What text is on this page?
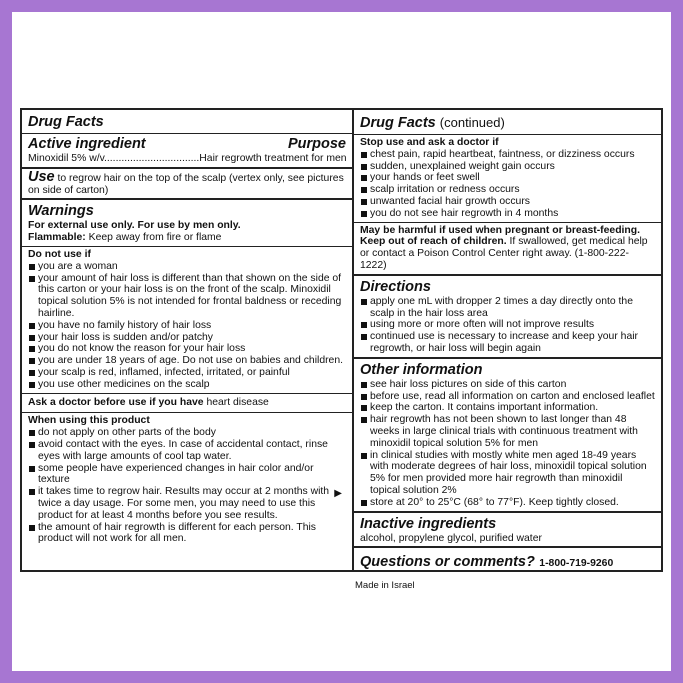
Drug Facts
Active ingredient	Purpose
Minoxidil 5% w/v.................................Hair regrowth treatment for men
Use to regrow hair on the top of the scalp (vertex only, see pictures on side of carton)
Warnings
For external use only. For use by men only.
Flammable: Keep away from fire or flame
Do not use if
you are a woman
your amount of hair loss is different than that shown on the side of this carton or your hair loss is on the front of the scalp. Minoxidil topical solution 5% is not intended for frontal baldness or receding hairline.
you have no family history of hair loss
your hair loss is sudden and/or patchy
you do not know the reason for your hair loss
you are under 18 years of age. Do not use on babies and children.
your scalp is red, inflamed, infected, irritated, or painful
you use other medicines on the scalp
Ask a doctor before use if you have heart disease
When using this product
do not apply on other parts of the body
avoid contact with the eyes. In case of accidental contact, rinse eyes with large amounts of cool tap water.
some people have experienced changes in hair color and/or texture
it takes time to regrow hair. Results may occur at 2 months with twice a day usage. For some men, you may need to use this product for at least 4 months before you see results.
the amount of hair regrowth is different for each person. This product will not work for all men.
▶
Drug Facts (continued)
Stop use and ask a doctor if
chest pain, rapid heartbeat, faintness, or dizziness occurs
sudden, unexplained weight gain occurs
your hands or feet swell
scalp irritation or redness occurs
unwanted facial hair growth occurs
you do not see hair regrowth in 4 months
May be harmful if used when pregnant or breast-feeding.
Keep out of reach of children. If swallowed, get medical help or contact a Poison Control Center right away. (1-800-222-1222)
Directions
apply one mL with dropper 2 times a day directly onto the scalp in the hair loss area
using more or more often will not improve results
continued use is necessary to increase and keep your hair regrowth, or hair loss will begin again
Other information
see hair loss pictures on side of this carton
before use, read all information on carton and enclosed leaflet
keep the carton. It contains important information.
hair regrowth has not been shown to last longer than 48 weeks in large clinical trials with continuous treatment with minoxidil topical solution 5% for men
in clinical studies with mostly white men aged 18-49 years with moderate degrees of hair loss, minoxidil topical solution 5% for men provided more hair regrowth than minoxidil topical solution 2%
store at 20° to 25°C (68° to 77°F). Keep tightly closed.
Inactive ingredients
alcohol, propylene glycol, purified water
Questions or comments? 1-800-719-9260
Made in Israel
